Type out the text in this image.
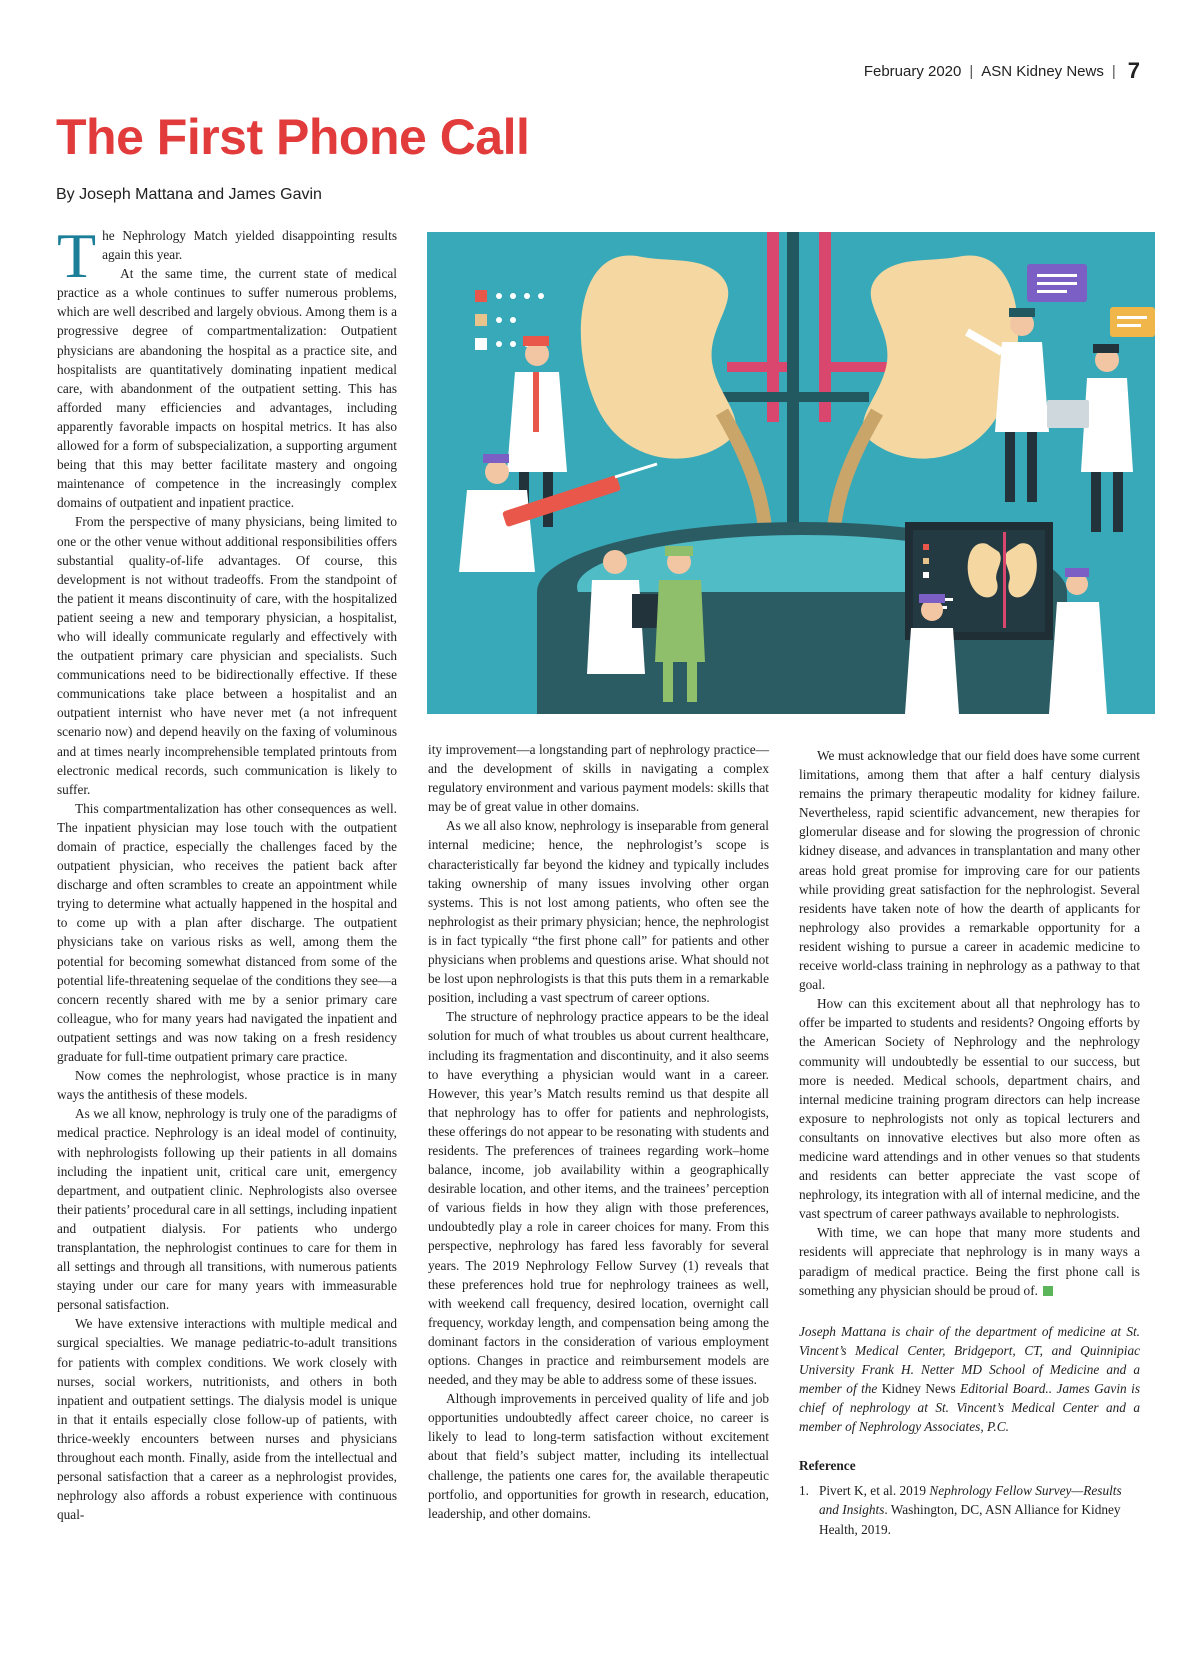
February 2020 | ASN Kidney News | 7
The First Phone Call
By Joseph Mattana and James Gavin

The Nephrology Match yielded disappointing results again this year.

At the same time, the current state of medical practice as a whole continues to suffer numerous problems, which are well described and largely obvious. Among them is a progressive degree of compartmentalization: Outpatient physicians are abandoning the hospital as a practice site, and hospitalists are quantitatively dominating inpatient medical care, with abandonment of the outpatient setting. This has afforded many efficiencies and advantages, including apparently favorable impacts on hospital metrics. It has also allowed for a form of subspecialization, a supporting argument being that this may better facilitate mastery and ongoing maintenance of competence in the increasingly complex domains of outpatient and inpatient practice.

From the perspective of many physicians, being limited to one or the other venue without additional responsibilities offers substantial quality-of-life advantages. Of course, this development is not without tradeoffs. From the standpoint of the patient it means discontinuity of care, with the hospitalized patient seeing a new and temporary physician, a hospitalist, who will ideally communicate regularly and effectively with the outpatient primary care physician and specialists. Such communications need to be bidirectionally effective. If these communications take place between a hospitalist and an outpatient internist who have never met (a not infrequent scenario now) and depend heavily on the faxing of voluminous and at times nearly incomprehensible templated printouts from electronic medical records, such communication is likely to suffer.

This compartmentalization has other consequences as well. The inpatient physician may lose touch with the outpatient domain of practice, especially the challenges faced by the outpatient physician, who receives the patient back after discharge and often scrambles to create an appointment while trying to determine what actually happened in the hospital and to come up with a plan after discharge. The outpatient physicians take on various risks as well, among them the potential for becoming somewhat distanced from some of the potential life-threatening sequelae of the conditions they see—a concern recently shared with me by a senior primary care colleague, who for many years had navigated the inpatient and outpatient settings and was now taking on a fresh residency graduate for full-time outpatient primary care practice.

Now comes the nephrologist, whose practice is in many ways the antithesis of these models.

As we all know, nephrology is truly one of the paradigms of medical practice. Nephrology is an ideal model of continuity, with nephrologists following up their patients in all domains including the inpatient unit, critical care unit, emergency department, and outpatient clinic. Nephrologists also oversee their patients’ procedural care in all settings, including inpatient and outpatient dialysis. For patients who undergo transplantation, the nephrologist continues to care for them in all settings and through all transitions, with numerous patients staying under our care for many years with immeasurable personal satisfaction.

We have extensive interactions with multiple medical and surgical specialties. We manage pediatric-to-adult transitions for patients with complex conditions. We work closely with nurses, social workers, nutritionists, and others in both inpatient and outpatient settings. The dialysis model is unique in that it entails especially close follow-up of patients, with thrice-weekly encounters between nurses and physicians throughout each month. Finally, aside from the intellectual and personal satisfaction that a career as a nephrologist provides, nephrology also affords a robust experience with continuous qual-

ity improvement—a longstanding part of nephrology practice—and the development of skills in navigating a complex regulatory environment and various payment models: skills that may be of great value in other domains.

As we all also know, nephrology is inseparable from general internal medicine; hence, the nephrologist’s scope is characteristically far beyond the kidney and typically includes taking ownership of many issues involving other organ systems. This is not lost among patients, who often see the nephrologist as their primary physician; hence, the nephrologist is in fact typically “the first phone call” for patients and other physicians when problems and questions arise. What should not be lost upon nephrologists is that this puts them in a remarkable position, including a vast spectrum of career options.

The structure of nephrology practice appears to be the ideal solution for much of what troubles us about current healthcare, including its fragmentation and discontinuity, and it also seems to have everything a physician would want in a career. However, this year’s Match results remind us that despite all that nephrology has to offer for patients and nephrologists, these offerings do not appear to be resonating with students and residents. The preferences of trainees regarding work–home balance, income, job availability within a geographically desirable location, and other items, and the trainees’ perception of various fields in how they align with those preferences, undoubtedly play a role in career choices for many. From this perspective, nephrology has fared less favorably for several years. The 2019 Nephrology Fellow Survey (1) reveals that these preferences hold true for nephrology trainees as well, with weekend call frequency, desired location, overnight call frequency, workday length, and compensation being among the dominant factors in the consideration of various employment options. Changes in practice and reimbursement models are needed, and they may be able to address some of these issues.

Although improvements in perceived quality of life and job opportunities undoubtedly affect career choice, no career is likely to lead to long-term satisfaction without excitement about that field’s subject matter, including its intellectual challenge, the patients one cares for, the available therapeutic portfolio, and opportunities for growth in research, education, leadership, and other domains.

We must acknowledge that our field does have some current limitations, among them that after a half century dialysis remains the primary therapeutic modality for kidney failure. Nevertheless, rapid scientific advancement, new therapies for glomerular disease and for slowing the progression of chronic kidney disease, and advances in transplantation and many other areas hold great promise for improving care for our patients while providing great satisfaction for the nephrologist. Several residents have taken note of how the dearth of applicants for nephrology also provides a remarkable opportunity for a resident wishing to pursue a career in academic medicine to receive world-class training in nephrology as a pathway to that goal.

How can this excitement about all that nephrology has to offer be imparted to students and residents? Ongoing efforts by the American Society of Nephrology and the nephrology community will undoubtedly be essential to our success, but more is needed. Medical schools, department chairs, and internal medicine training program directors can help increase exposure to nephrologists not only as topical lecturers and consultants on innovative electives but also more often as medicine ward attendings and in other venues so that students and residents can better appreciate the vast scope of nephrology, its integration with all of internal medicine, and the vast spectrum of career pathways available to nephrologists.

With time, we can hope that many more students and residents will appreciate that nephrology is in many ways a paradigm of medical practice. Being the first phone call is something any physician should be proud of.

Joseph Mattana is chair of the department of medicine at St. Vincent’s Medical Center, Bridgeport, CT, and Quinnipiac University Frank H. Netter MD School of Medicine and a member of the Kidney News Editorial Board.. James Gavin is chief of nephrology at St. Vincent’s Medical Center and a member of Nephrology Associates, P.C.

Reference

1. Pivert K, et al. 2019 Nephrology Fellow Survey—Results and Insights. Washington, DC, ASN Alliance for Kidney Health, 2019.
